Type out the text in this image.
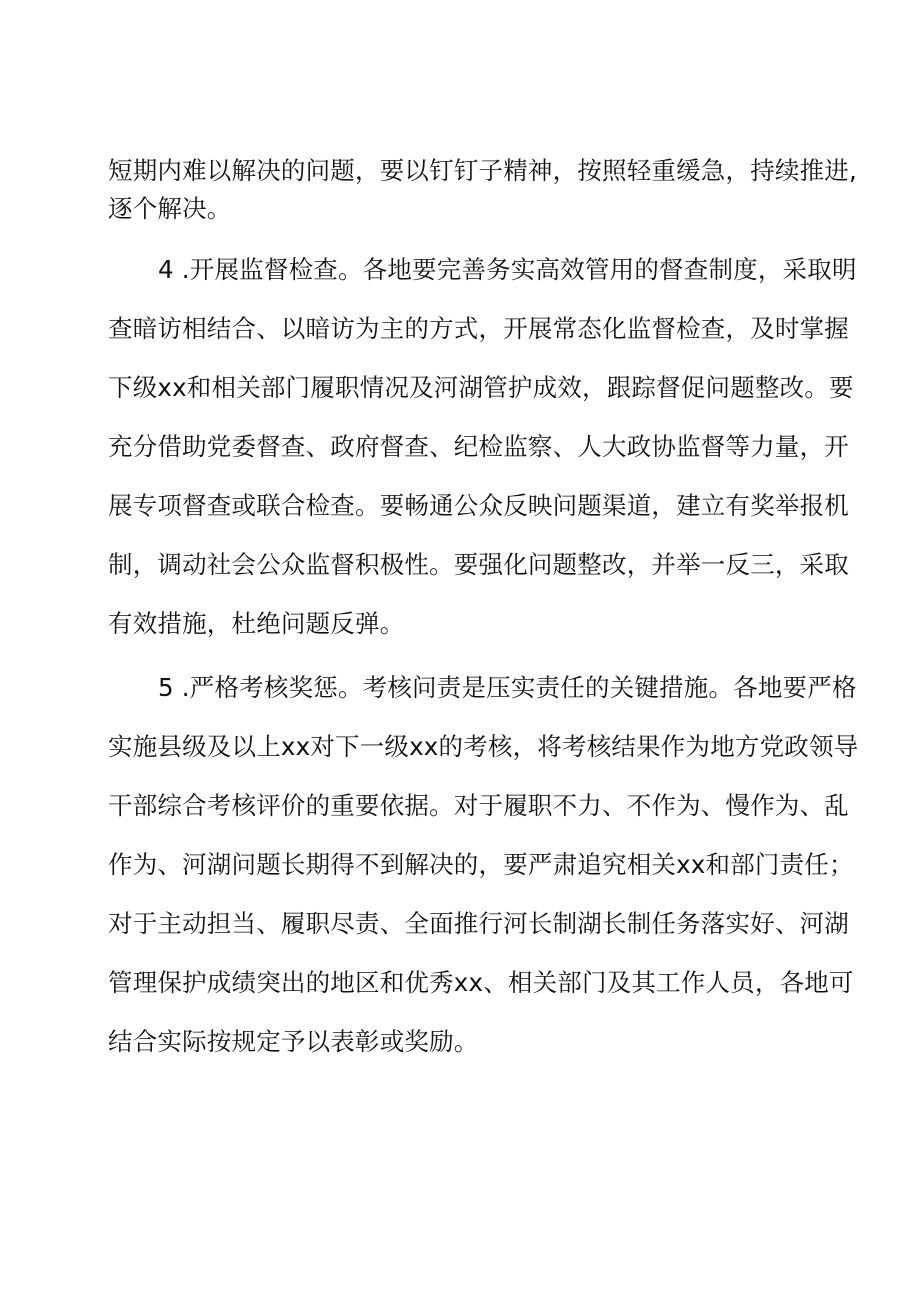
短期内难以解决的问题，要以钉钉子精神，按照轻重缓急，持续推进,
逐个解决。
4 .开展监督检查。各地要完善务实高效管用的督查制度，采取明
查暗访相结合、以暗访为主的方式，开展常态化监督检查，及时掌握
下级xx和相关部门履职情况及河湖管护成效，跟踪督促问题整改。要
充分借助党委督查、政府督查、纪检监察、人大政协监督等力量，开
展专项督查或联合检查。要畅通公众反映问题渠道，建立有奖举报机
制，调动社会公众监督积极性。要强化问题整改，并举一反三，采取
有效措施，杜绝问题反弹。
5 .严格考核奖惩。考核问责是压实责任的关键措施。各地要严格
实施县级及以上xx对下一级xx的考核，将考核结果作为地方党政领导
干部综合考核评价的重要依据。对于履职不力、不作为、慢作为、乱
作为、河湖问题长期得不到解决的，要严肃追究相关xx和部门责任；
对于主动担当、履职尽责、全面推行河长制湖长制任务落实好、河湖
管理保护成绩突出的地区和优秀xx、相关部门及其工作人员，各地可
结合实际按规定予以表彰或奖励。
